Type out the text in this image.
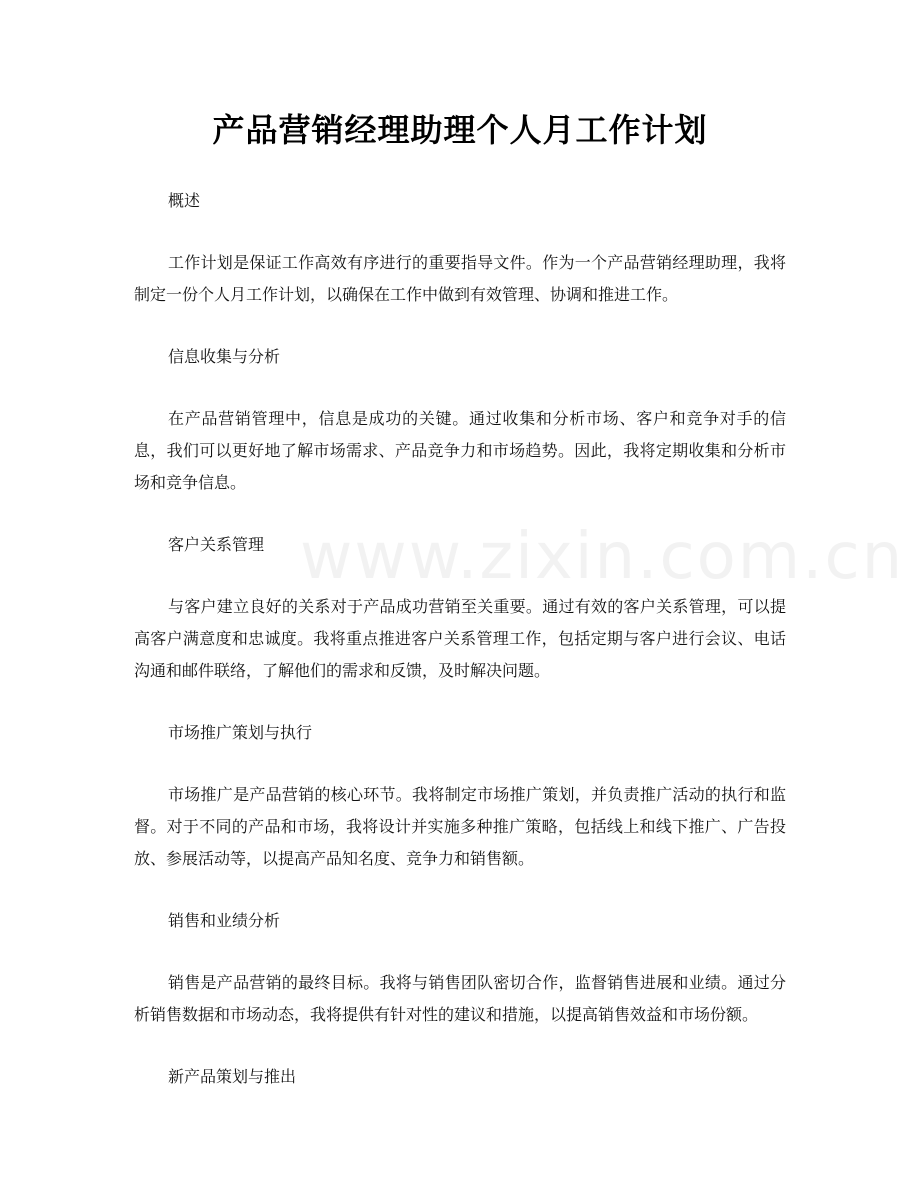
www.zixin.com.cn
产品营销经理助理个人月工作计划
概述
工作计划是保证工作高效有序进行的重要指导文件。作为一个产品营销经理助理，我将制定一份个人月工作计划，以确保在工作中做到有效管理、协调和推进工作。
信息收集与分析
在产品营销管理中，信息是成功的关键。通过收集和分析市场、客户和竞争对手的信息，我们可以更好地了解市场需求、产品竞争力和市场趋势。因此，我将定期收集和分析市场和竞争信息。
客户关系管理
与客户建立良好的关系对于产品成功营销至关重要。通过有效的客户关系管理，可以提高客户满意度和忠诚度。我将重点推进客户关系管理工作，包括定期与客户进行会议、电话沟通和邮件联络，了解他们的需求和反馈，及时解决问题。
市场推广策划与执行
市场推广是产品营销的核心环节。我将制定市场推广策划，并负责推广活动的执行和监督。对于不同的产品和市场，我将设计并实施多种推广策略，包括线上和线下推广、广告投放、参展活动等，以提高产品知名度、竞争力和销售额。
销售和业绩分析
销售是产品营销的最终目标。我将与销售团队密切合作，监督销售进展和业绩。通过分析销售数据和市场动态，我将提供有针对性的建议和措施，以提高销售效益和市场份额。
新产品策划与推出
